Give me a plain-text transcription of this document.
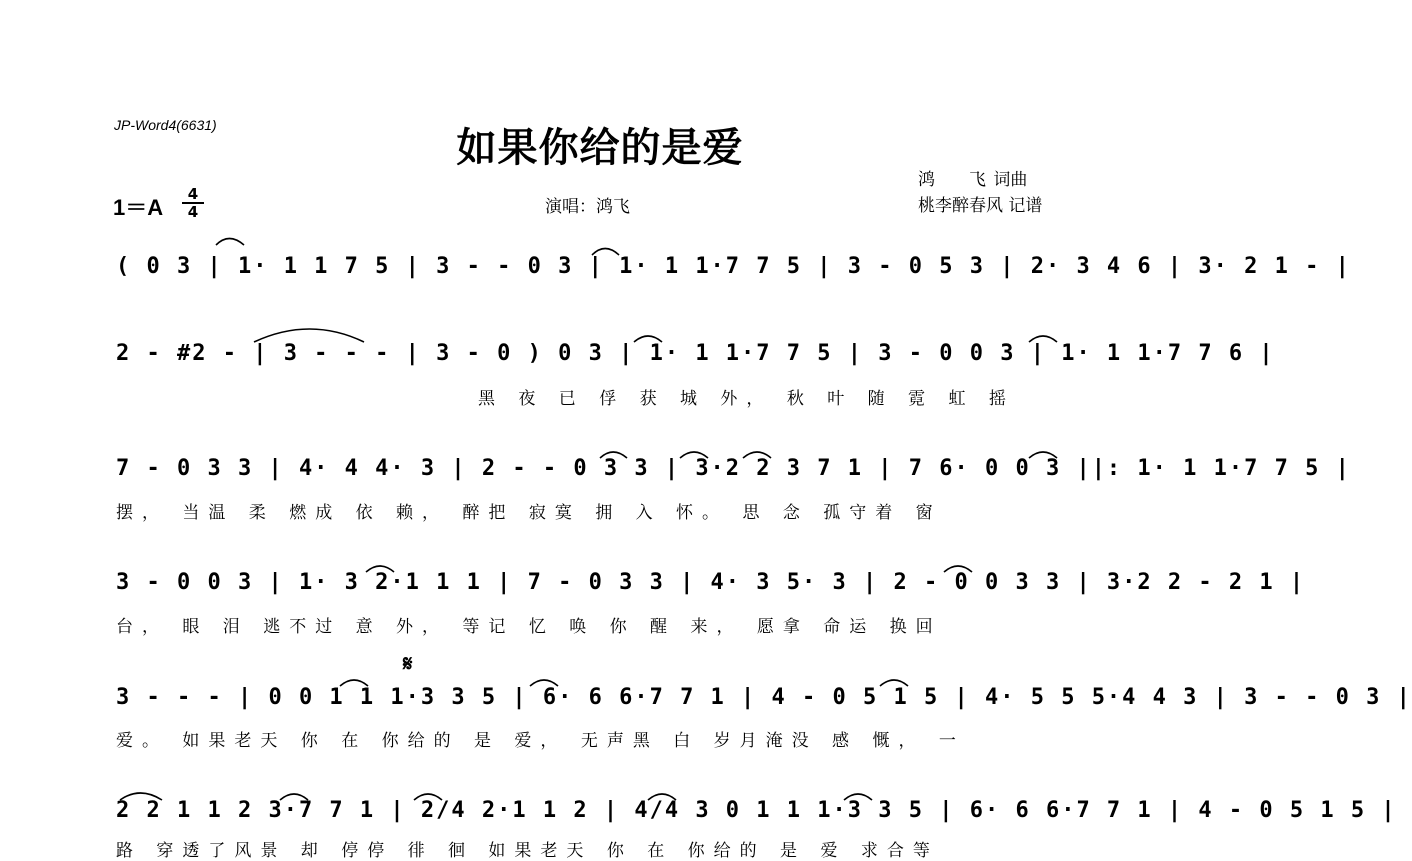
JP-Word4(6631)	如果你给的是爱
$1=A \frac{4}{4}$	演唱：鸿飞
鸿　　飞 词曲
桃李醉春风 记谱
( 0 3 | 1· 1 1 7 5 | 3 - - 0 3 | 1· 1 1·7 7 5 | 3 - 0 5 3 | 2· 3 4 6 | 3· 2 1 - |
2 - #2 - | 3 - - - | 3 - 0 ) 0 3 | 1· 1 1·7 7 5 | 3 - 0 0 3 | 1· 1 1·7 7 6 |
黑 夜 已 俘 获 城 外， 秋 叶 随 霓 虹 摇
7 - 0 3 3 | 4· 4 4· 3 | 2 - - 0 3 3 | 3·2 2 3 7 1 | 7 6· 0 0 3 ||: 1· 1 1·7 7 5 |
摆， 当温 柔 燃成 依 赖， 醉把 寂寞 拥 入 怀。 思 念 孤守着 窗
3 - 0 0 3 | 1· 3 2·1 1 1 | 7 - 0 3 3 | 4· 3 5· 3 | 2 - 0 0 3 3 | 3·2 2 - 2 1 |
台， 眼 泪 逃不过 意 外， 等记 忆 唤 你 醒 来， 愿拿 命运 换回
𝄋
3 - - - | 0 0 1 1 1·3 3 5 | 6· 6 6·7 7 1 | 4 - 0 5 1 5 | 4· 5 5 5·4 4 3 | 3 - - 0 3 |
爱。 如果老天 你 在 你给的 是 爱， 无声黑 白 岁月淹没 感 慨， 一
2 2 1 1 2 3·7 7 1 | 2/4 2·1 1 2 | 4/4 3 0 1 1 1·3 3 5 | 6· 6 6·7 7 1 | 4 - 0 5 1 5 |
路 穿透了风景 却 停停 徘 徊 如果老天 你 在 你给的 是 爱 求合等
